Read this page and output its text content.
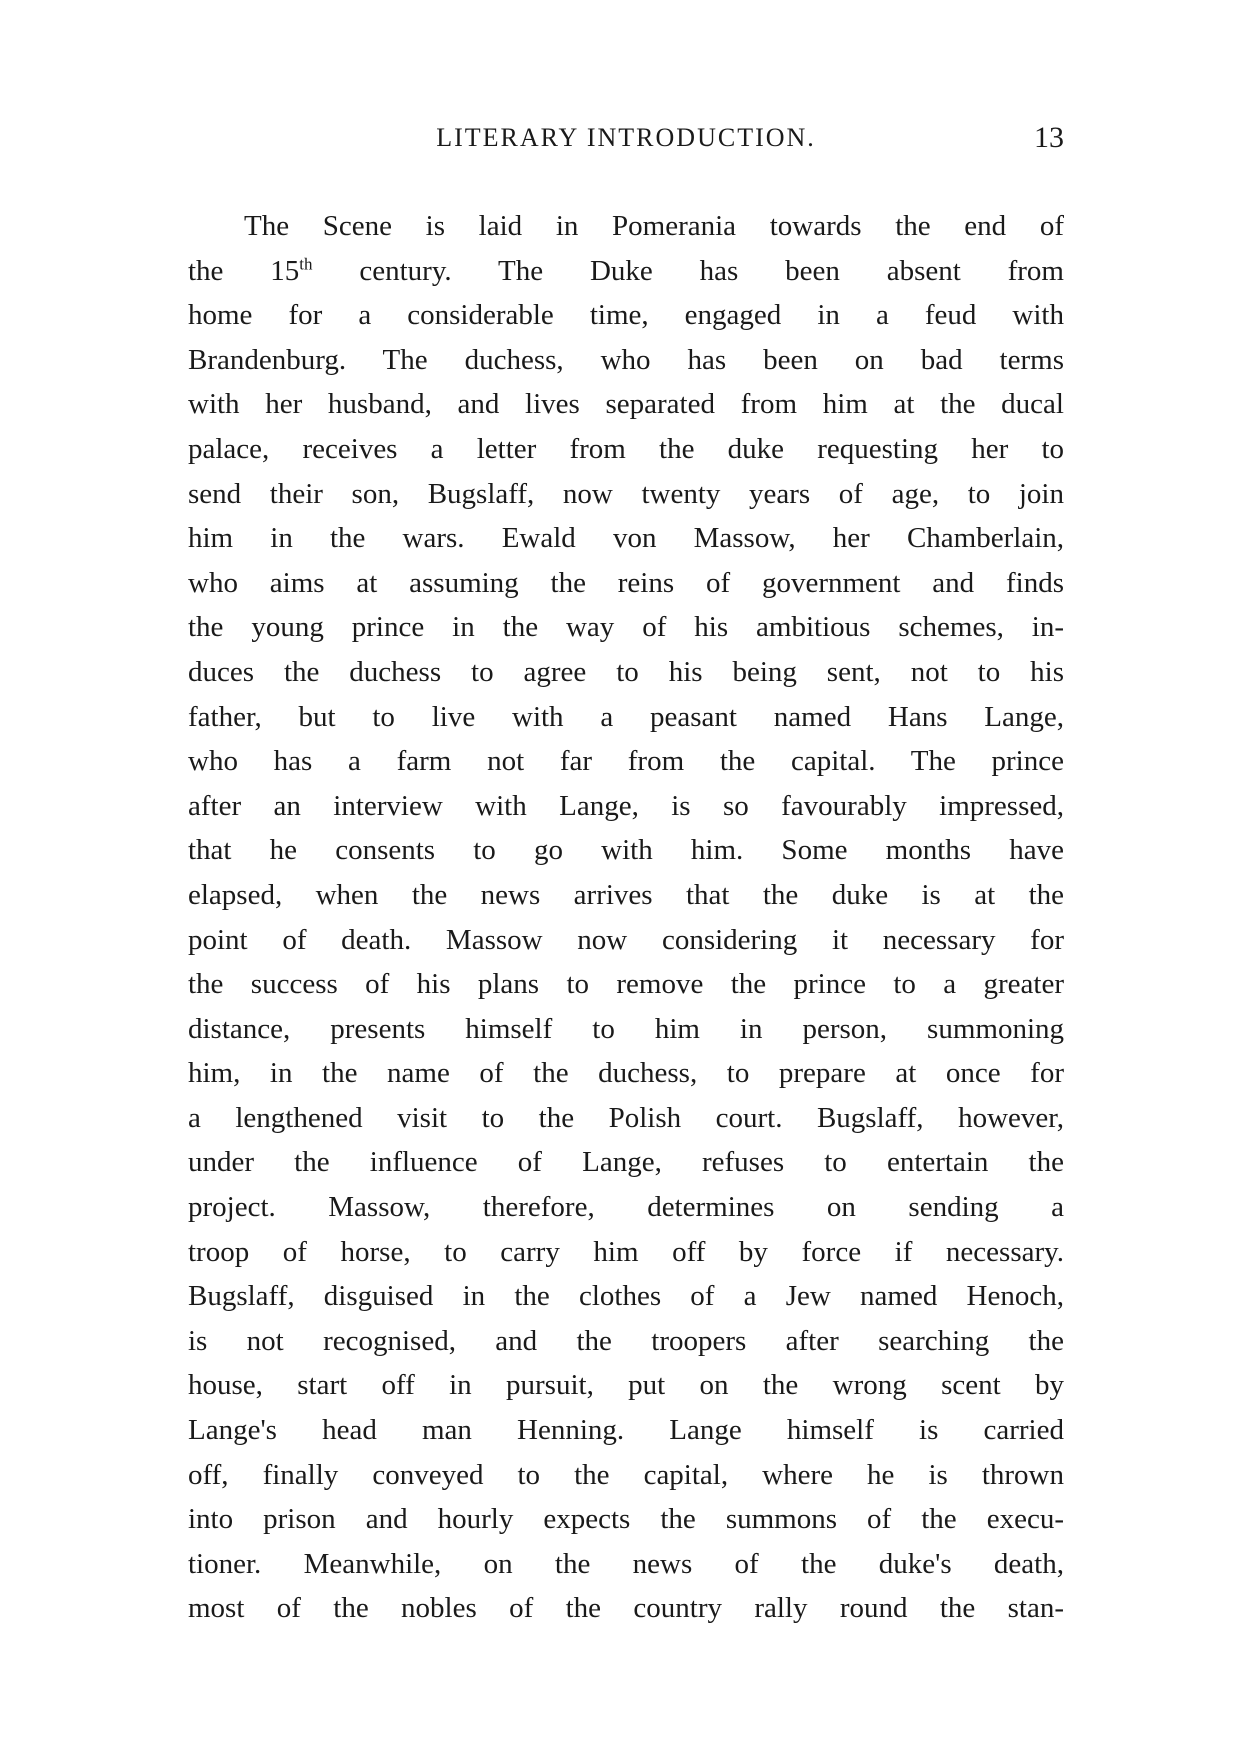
LITERARY INTRODUCTION.	13
The Scene is laid in Pomerania towards the end of
the 15th century. The Duke has been absent from
home for a considerable time, engaged in a feud with
Brandenburg. The duchess, who has been on bad terms
with her husband, and lives separated from him at the ducal
palace, receives a letter from the duke requesting her to
send their son, Bugslaff, now twenty years of age, to join
him in the wars. Ewald von Massow, her Chamberlain,
who aims at assuming the reins of government and finds
the young prince in the way of his ambitious schemes, in-
duces the duchess to agree to his being sent, not to his
father, but to live with a peasant named Hans Lange,
who has a farm not far from the capital. The prince
after an interview with Lange, is so favourably impressed,
that he consents to go with him. Some months have
elapsed, when the news arrives that the duke is at the
point of death. Massow now considering it necessary for
the success of his plans to remove the prince to a greater
distance, presents himself to him in person, summoning
him, in the name of the duchess, to prepare at once for
a lengthened visit to the Polish court. Bugslaff, however,
under the influence of Lange, refuses to entertain the
project. Massow, therefore, determines on sending a
troop of horse, to carry him off by force if necessary.
Bugslaff, disguised in the clothes of a Jew named Henoch,
is not recognised, and the troopers after searching the
house, start off in pursuit, put on the wrong scent by
Lange's head man Henning. Lange himself is carried
off, finally conveyed to the capital, where he is thrown
into prison and hourly expects the summons of the execu-
tioner. Meanwhile, on the news of the duke's death,
most of the nobles of the country rally round the stan-
